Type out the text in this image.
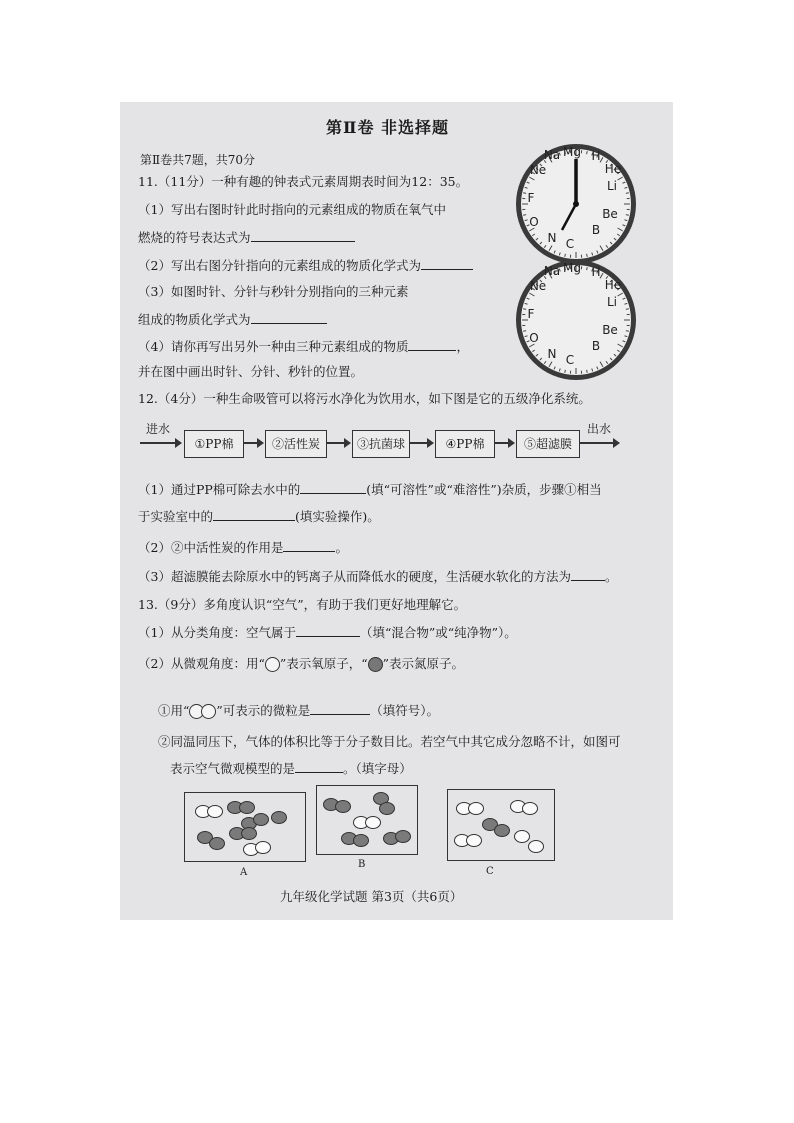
第Ⅱ卷 非选择题
第Ⅱ卷共7题，共70分
11.（11分）一种有趣的钟表式元素周期表时间为12：35。
（1）写出右图时针此时指向的元素组成的物质在氧气中
燃烧的符号表达式为
（2）写出右图分针指向的元素组成的物质化学式为
（3）如图时针、分针与秒针分别指向的三种元素
组成的物质化学式为
（4）请你再写出另外一种由三种元素组成的物质	，
并在图中画出时针、分针、秒针的位置。
Mg
Na	H
He
Ne
Li
F
Be
O
B
N C
Mg
Na	H
He
Ne
Li
F
Be
O
B
N C
12.（4分）一种生命吸管可以将污水净化为饮用水，如下图是它的五级净化系统。
进水
①PP棉	②活性炭	③抗菌球	④PP棉	⑤超滤膜
出水
（1）通过PP棉可除去水中的	(填“可溶性”或“难溶性”)杂质，步骤①相当
于实验室中的	(填实验操作)。
（2）②中活性炭的作用是	。
（3）超滤膜能去除原水中的钙离子从而降低水的硬度，生活硬水软化的方法为	。
13.（9分）多角度认识“空气”，有助于我们更好地理解它。
（1）从分类角度：空气属于	（填“混合物”或“纯净物”）。
（2）从微观角度：用“ ”表示氧原子，“ ”表示氮原子。
①用“ ”可表示的微粒是	（填符号）。
②同温同压下，气体的体积比等于分子数目比。若空气中其它成分忽略不计，如图可
表示空气微观模型的是	。（填字母）
A
B
C
九年级化学试题 第3页（共6页）
